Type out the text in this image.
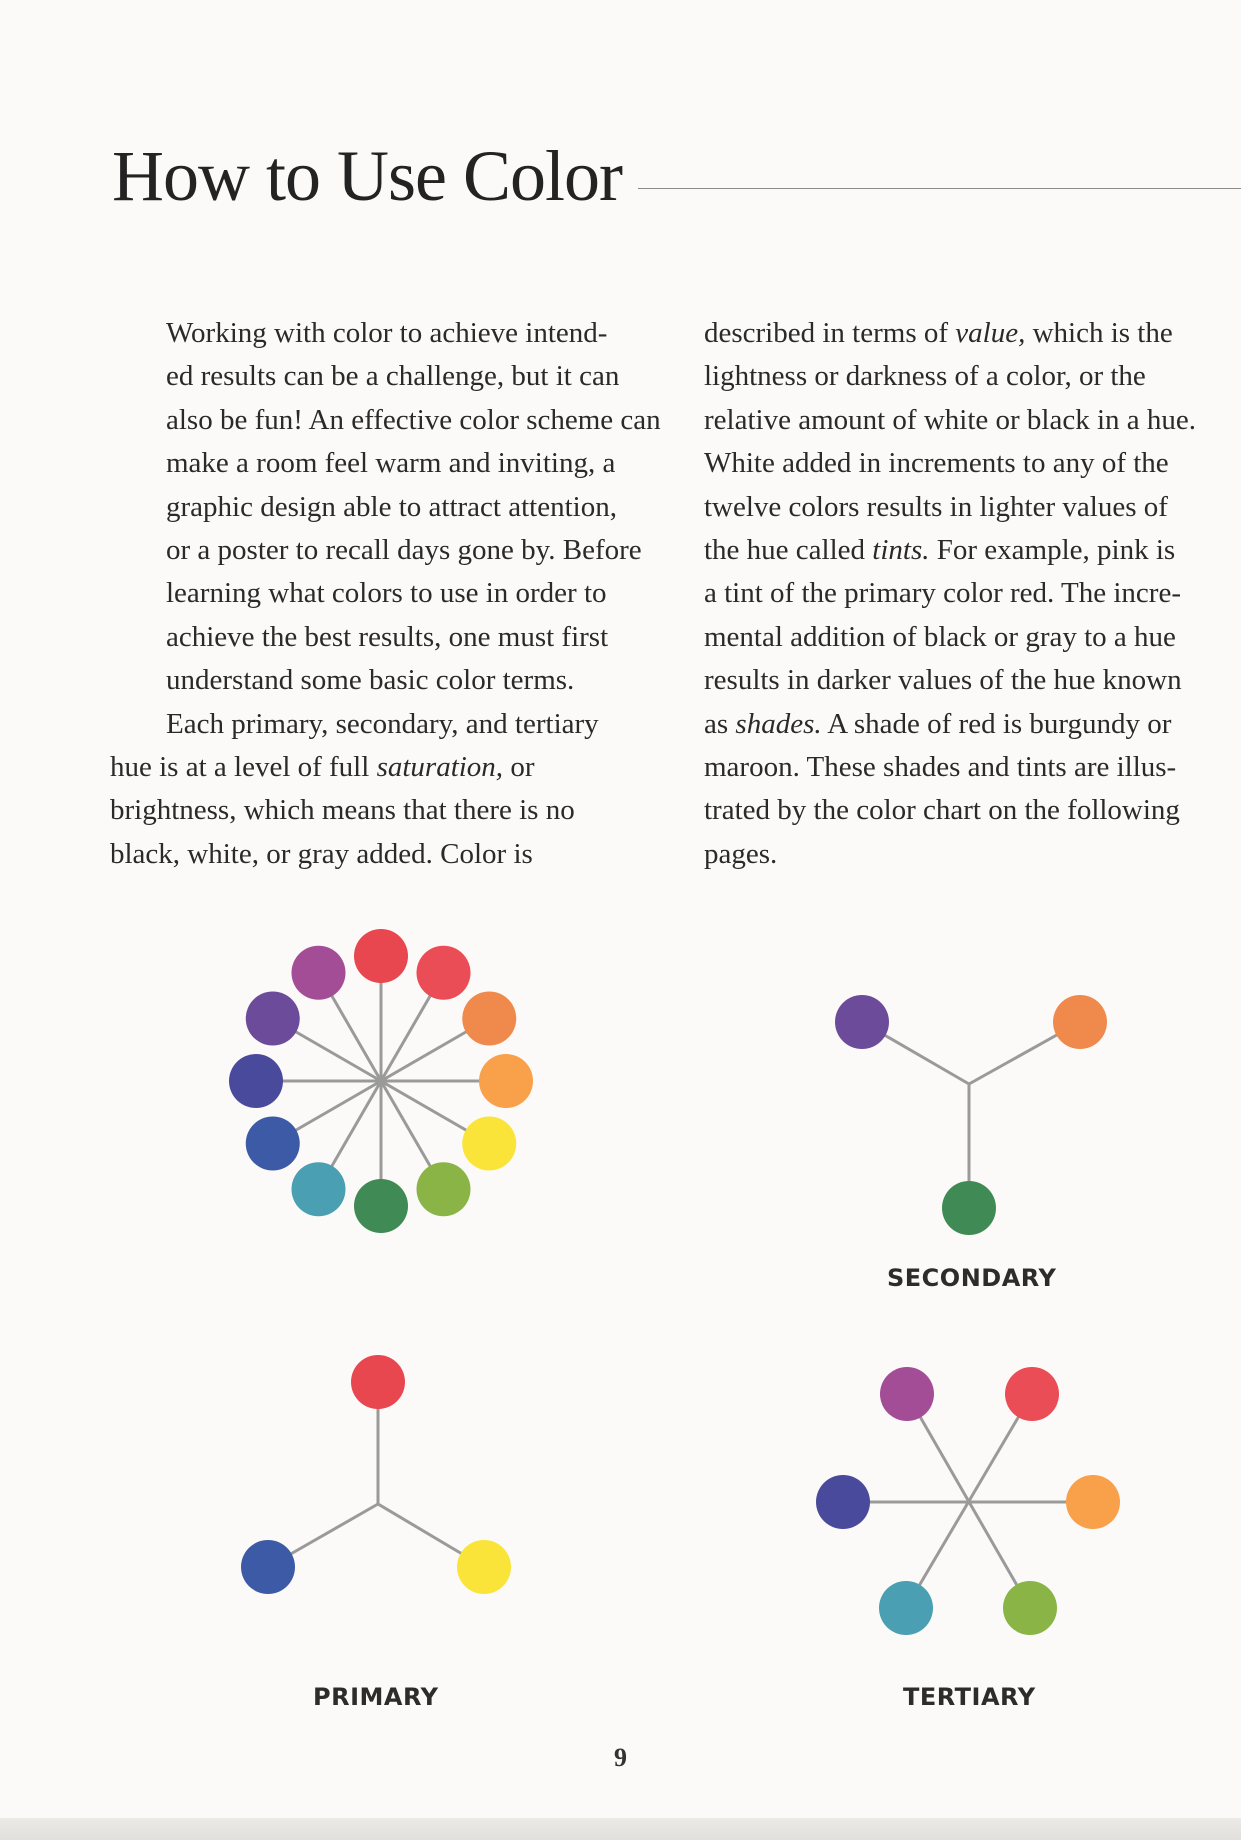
How to Use Color

Working with color to achieve intend-
ed results can be a challenge, but it can
also be fun! An effective color scheme can
make a room feel warm and inviting, a
graphic design able to attract attention,
or a poster to recall days gone by. Before
learning what colors to use in order to
achieve the best results, one must first
understand some basic color terms.

Each primary, secondary, and tertiary
hue is at a level of full saturation, or
brightness, which means that there is no
black, white, or gray added. Color is

described in terms of value, which is the
lightness or darkness of a color, or the
relative amount of white or black in a hue.
White added in increments to any of the
twelve colors results in lighter values of
the hue called tints. For example, pink is
a tint of the primary color red. The incre-
mental addition of black or gray to a hue
results in darker values of the hue known
as shades. A shade of red is burgundy or
maroon. These shades and tints are illus-
trated by the color chart on the following
pages.

SECONDARY
PRIMARY	TERTIARY
9
